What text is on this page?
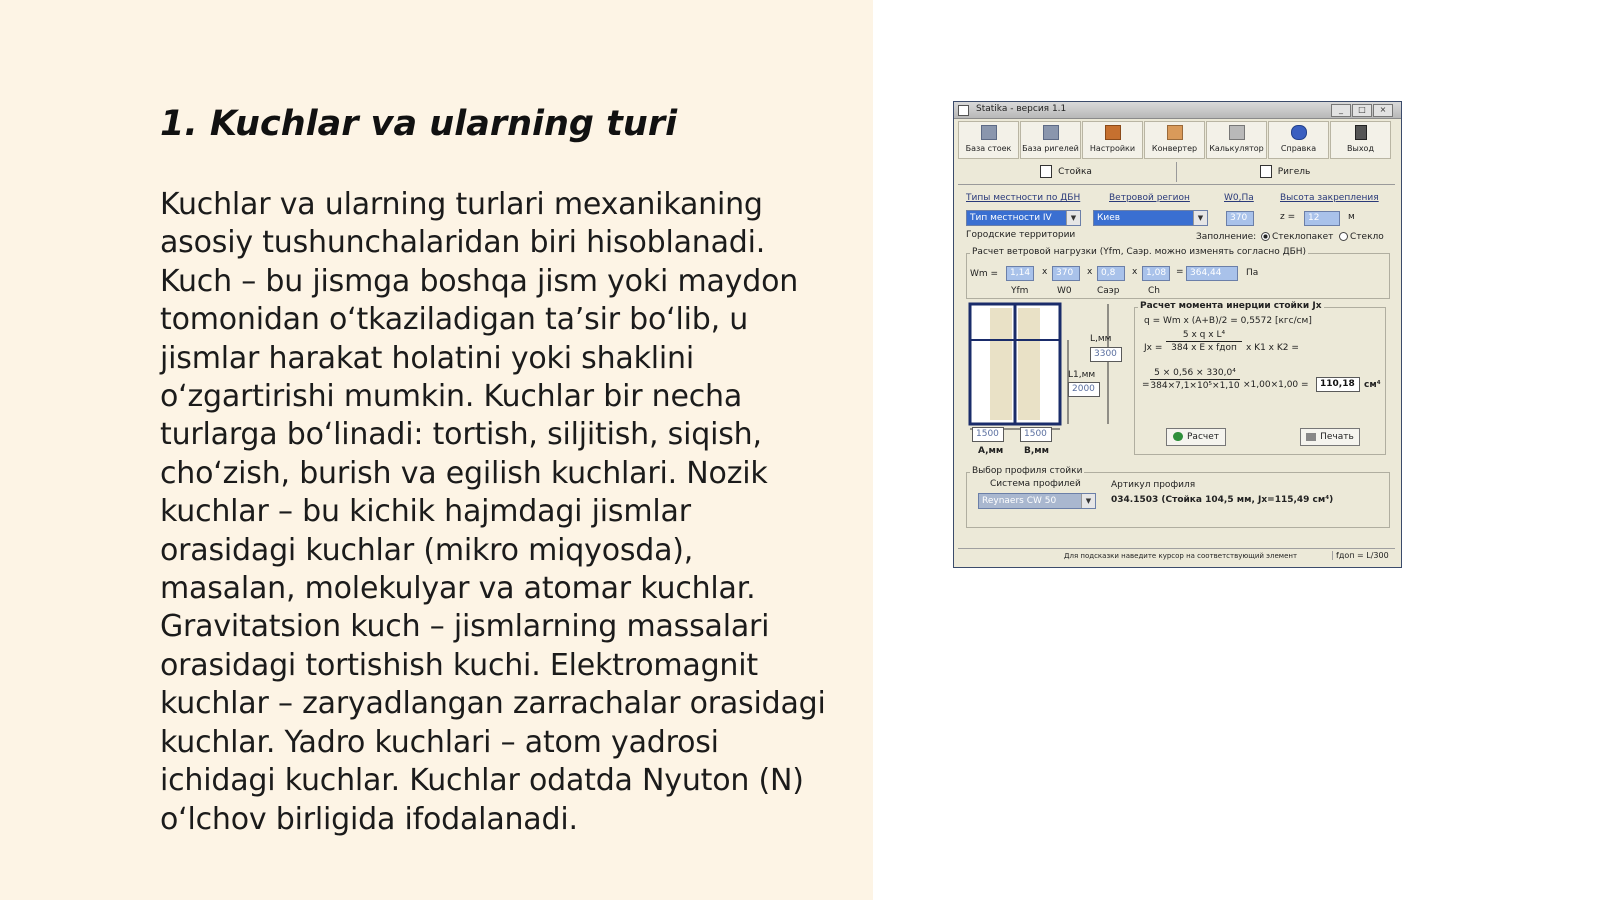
1. Kuchlar va ularning turi
Kuchlar va ularning turlari mexanikaning
asosiy tushunchalaridan biri hisoblanadi.
Kuch – bu jismga boshqa jism yoki maydon
tomonidan o‘tkaziladigan ta’sir bo‘lib, u
jismlar harakat holatini yoki shaklini
o‘zgartirishi mumkin. Kuchlar bir necha
turlarga bo‘linadi: tortish, siljitish, siqish,
cho‘zish, burish va egilish kuchlari. Nozik
kuchlar – bu kichik hajmdagi jismlar
orasidagi kuchlar (mikro miqyosda),
masalan, molekulyar va atomar kuchlar.
Gravitatsion kuch – jismlarning massalari
orasidagi tortishish kuchi. Elektromagnit
kuchlar – zaryadlangan zarrachalar orasidagi
kuchlar. Yadro kuchlari – atom yadrosi
ichidagi kuchlar. Kuchlar odatda Nyuton (N)
o‘lchov birligida ifodalanadi.
Statika - версия 1.1	_	□	×
База стоек	База ригелей	Настройки	Конвертер	Калькулятор	Справка	Выход
Стойка	Ригель
Типы местности по ДБН	Ветровой регион	W0,Па	Высота закрепления
Тип местности IV	▼	Киев	▼	370	z =	12	м
Городские территории	Заполнение:	Стеклопакет	Стекло
Расчет ветровой нагрузки (Yfm, Саэр. можно изменять согласно ДБН)
Wm =	1,14	x 370	x 0,8	x 1,08	= 364,44	Па
Yfm	W0	Саэр	Ch
L,мм
3300
L1,мм
2000
1500	1500
A,мм B,мм
Расчет момента инерции стойки Jx
q = Wm x (A+B)/2 = 0,5572 [кгс/см]
Jx =
5 x q x L⁴
384 x E x fдоп	x K1 x K2 =
=
5 × 0,56 × 330,0⁴
384×7,1×10⁵×1,10 ×1,00×1,00 =	110,18	см⁴
Расчет	Печать
Выбор профиля стойки
Система профилей
Reynaers CW 50	▼
Артикул профиля
034.1503 (Стойка 104,5 мм, Jx=115,49 см⁴)
Для подсказки наведите курсор на соответствующий элемент	fдоп = L/300
